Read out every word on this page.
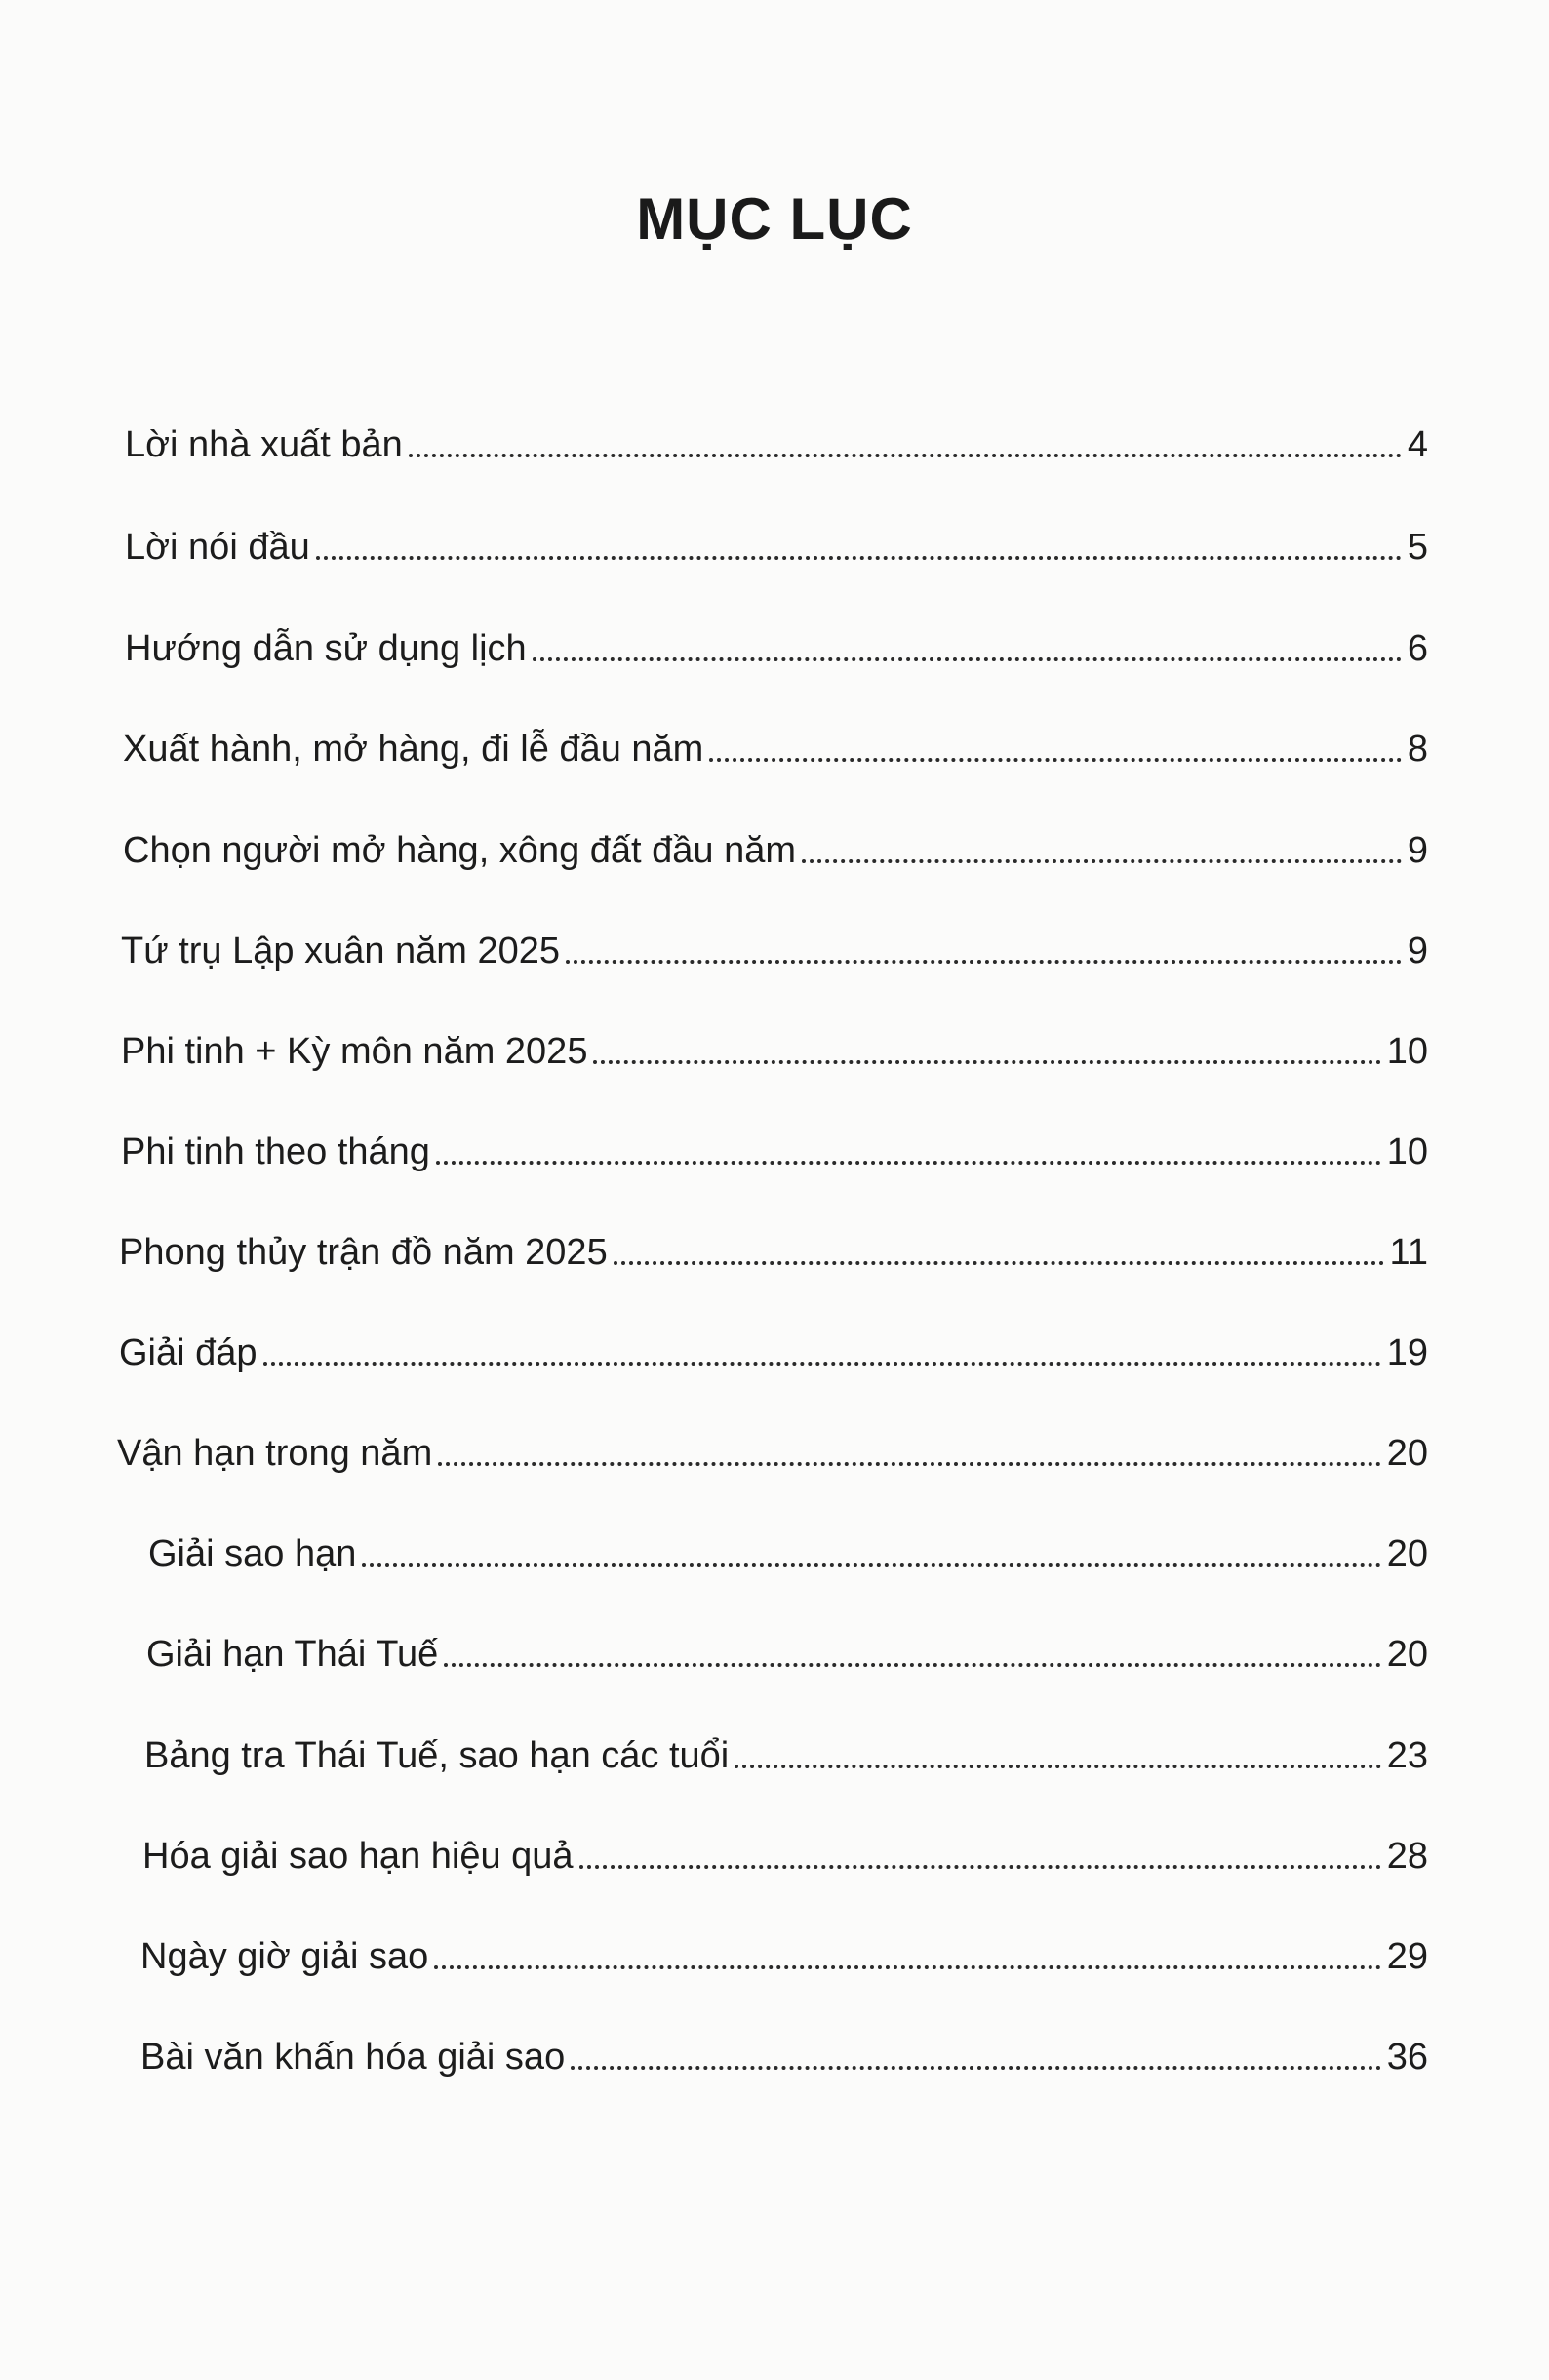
MỤC LỤC
Lời nhà xuất bản	4
Lời nói đầu	5
Hướng dẫn sử dụng lịch	6
Xuất hành, mở hàng, đi lễ đầu năm	8
Chọn người mở hàng, xông đất đầu năm	9
Tứ trụ Lập xuân năm 2025	9
Phi tinh + Kỳ môn năm 2025	10
Phi tinh theo tháng	10
Phong thủy trận đồ năm 2025	11
Giải đáp	19
Vận hạn trong năm	20
Giải sao hạn	20
Giải hạn Thái Tuế	20
Bảng tra Thái Tuế, sao hạn các tuổi	23
Hóa giải sao hạn hiệu quả	28
Ngày giờ giải sao	29
Bài văn khấn hóa giải sao	36
